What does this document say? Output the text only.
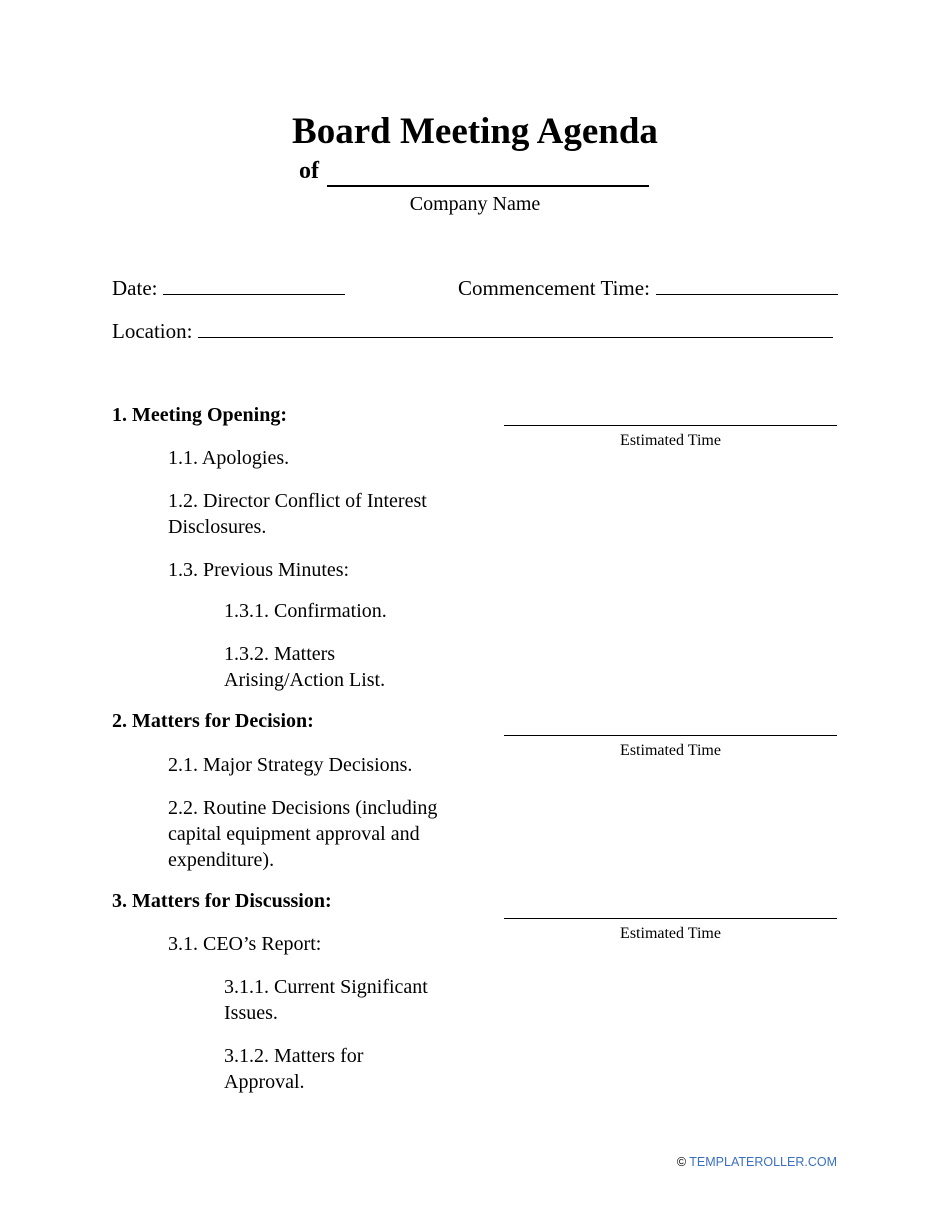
Board Meeting Agenda
of
Company Name
Date:	Commencement Time:
Location:
1. Meeting Opening:
Estimated Time
1.1. Apologies.
1.2. Director Conflict of Interest Disclosures.
1.3. Previous Minutes:
1.3.1. Confirmation.
1.3.2. Matters Arising/Action List.
2. Matters for Decision:
Estimated Time
2.1. Major Strategy Decisions.
2.2. Routine Decisions (including capital equipment approval and expenditure).
3. Matters for Discussion:
Estimated Time
3.1. CEO’s Report:
3.1.1. Current Significant Issues.
3.1.2. Matters for Approval.
© TEMPLATEROLLER.COM
